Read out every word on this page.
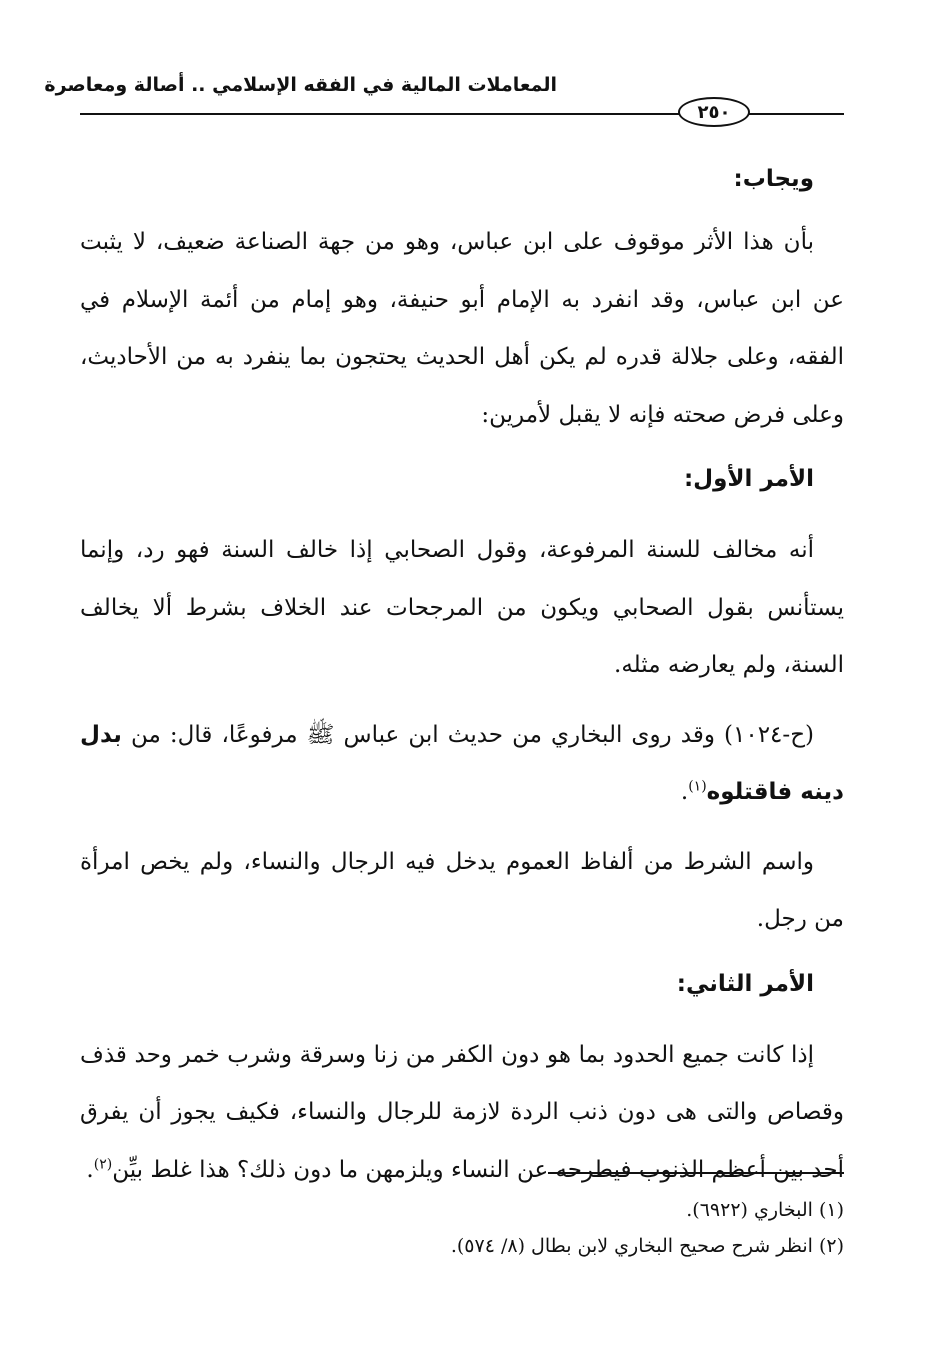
المعاملات المالية في الفقه الإسلامي .. أصالة ومعاصرة
٢٥٠
ويجاب:

بأن هذا الأثر موقوف على ابن عباس، وهو من جهة الصناعة ضعيف، لا يثبت عن ابن عباس، وقد انفرد به الإمام أبو حنيفة، وهو إمام من أئمة الإسلام في الفقه، وعلى جلالة قدره لم يكن أهل الحديث يحتجون بما ينفرد به من الأحاديث، وعلى فرض صحته فإنه لا يقبل لأمرين:

الأمر الأول:

أنه مخالف للسنة المرفوعة، وقول الصحابي إذا خالف السنة فهو رد، وإنما يستأنس بقول الصحابي ويكون من المرجحات عند الخلاف بشرط ألا يخالف السنة، ولم يعارضه مثله.

(ح-١٠٢٤) وقد روى البخاري من حديث ابن عباس ﷺ مرفوعًا، قال: من بدل دينه فاقتلوه$^{(١)}$.

واسم الشرط من ألفاظ العموم يدخل فيه الرجال والنساء، ولم يخص امرأة من رجل.

الأمر الثاني:

إذا كانت جميع الحدود بما هو دون الكفر من زنا وسرقة وشرب خمر وحد قذف وقصاص والتى هى دون ذنب الردة لازمة للرجال والنساء، فكيف يجوز أن يفرق أحد بين أعظم الذنوب فيطرحه عن النساء ويلزمهن ما دون ذلك؟ هذا غلط بيِّن$^{(٢)}$.

(١) البخاري (٦٩٢٢).

(٢) انظر شرح صحيح البخاري لابن بطال (٨/ ٥٧٤).
